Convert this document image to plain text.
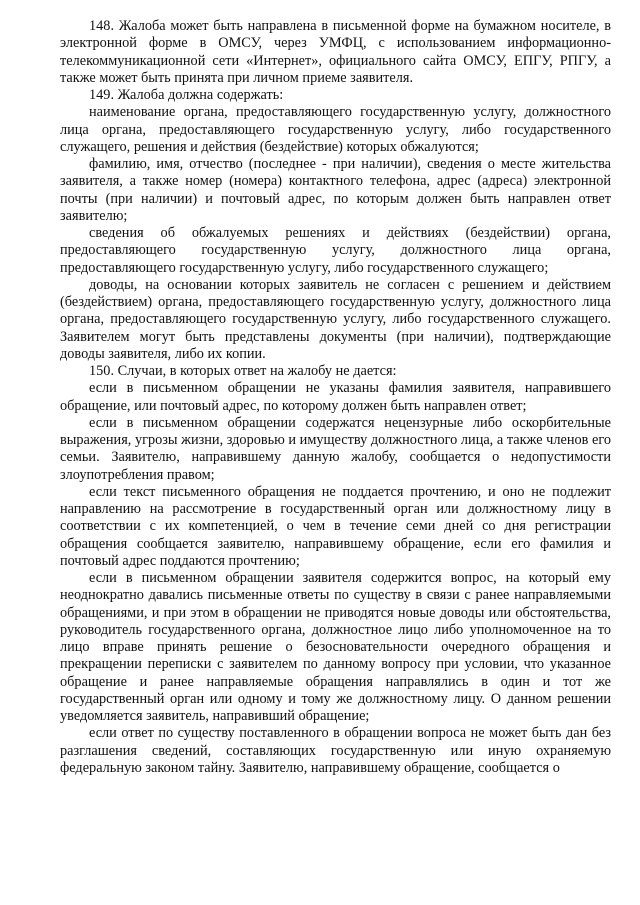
148. Жалоба может быть направлена в письменной форме на бумажном носителе, в электронной форме в ОМСУ, через УМФЦ, с использованием информационно-телекоммуникационной сети «Интернет», официального сайта ОМСУ, ЕПГУ, РПГУ, а также может быть принята при личном приеме заявителя.

149. Жалоба должна содержать:

наименование органа, предоставляющего государственную услугу, должностного лица органа, предоставляющего государственную услугу, либо государственного служащего, решения и действия (бездействие) которых обжалуются;

фамилию, имя, отчество (последнее - при наличии), сведения о месте жительства заявителя, а также номер (номера) контактного телефона, адрес (адреса) электронной почты (при наличии) и почтовый адрес, по которым должен быть направлен ответ заявителю;

сведения об обжалуемых решениях и действиях (бездействии) органа, предоставляющего государственную услугу, должностного лица органа, предоставляющего государственную услугу, либо государственного служащего;

доводы, на основании которых заявитель не согласен с решением и действием (бездействием) органа, предоставляющего государственную услугу, должностного лица органа, предоставляющего государственную услугу, либо государственного служащего. Заявителем могут быть представлены документы (при наличии), подтверждающие доводы заявителя, либо их копии.

150. Случаи, в которых ответ на жалобу не дается:

если в письменном обращении не указаны фамилия заявителя, направившего обращение, или почтовый адрес, по которому должен быть направлен ответ;

если в письменном обращении содержатся нецензурные либо оскорбительные выражения, угрозы жизни, здоровью и имуществу должностного лица, а также членов его семьи. Заявителю, направившему данную жалобу, сообщается о недопустимости злоупотребления правом;

если текст письменного обращения не поддается прочтению, и оно не подлежит направлению на рассмотрение в государственный орган или должностному лицу в соответствии с их компетенцией, о чем в течение семи дней со дня регистрации обращения сообщается заявителю, направившему обращение, если его фамилия и почтовый адрес поддаются прочтению;

если в письменном обращении заявителя содержится вопрос, на который ему неоднократно давались письменные ответы по существу в связи с ранее направляемыми обращениями, и при этом в обращении не приводятся новые доводы или обстоятельства, руководитель государственного органа, должностное лицо либо уполномоченное на то лицо вправе принять решение о безосновательности очередного обращения и прекращении переписки с заявителем по данному вопросу при условии, что указанное обращение и ранее направляемые обращения направлялись в один и тот же государственный орган или одному и тому же должностному лицу. О данном решении уведомляется заявитель, направивший обращение;

если ответ по существу поставленного в обращении вопроса не может быть дан без разглашения сведений, составляющих государственную или иную охраняемую федеральную законом тайну. Заявителю, направившему обращение, сообщается о
